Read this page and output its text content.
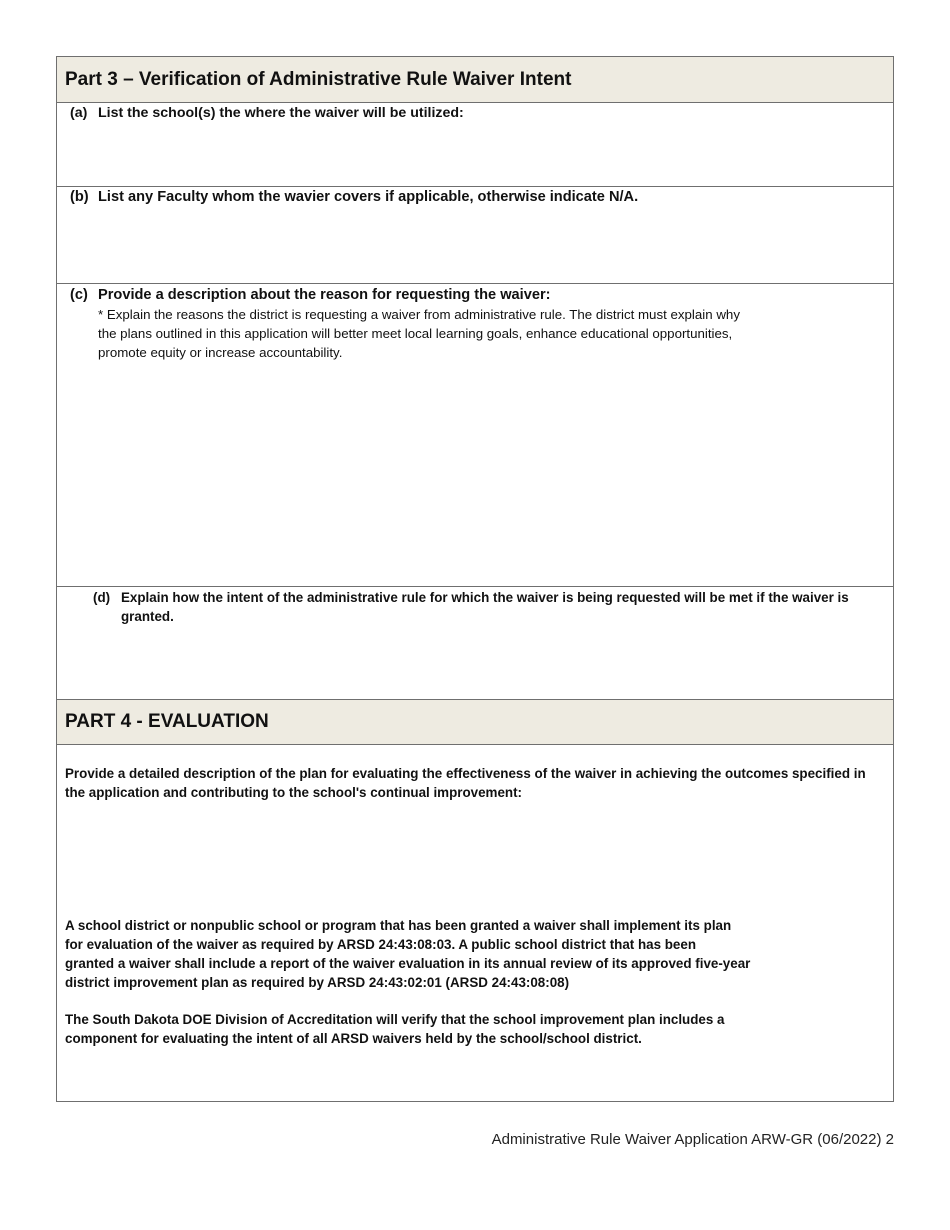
Part 3 – Verification of Administrative Rule Waiver Intent
(a) List the school(s) the where the waiver will be utilized:
(b) List any Faculty whom the wavier covers if applicable, otherwise indicate N/A.
(c) Provide a description about the reason for requesting the waiver:
* Explain the reasons the district is requesting a waiver from administrative rule. The district must explain why
the plans outlined in this application will better meet local learning goals, enhance educational opportunities,
promote equity or increase accountability.
(d) Explain how the intent of the administrative rule for which the waiver is being requested will be met if the waiver is
granted.
PART 4 - EVALUATION
Provide a detailed description of the plan for evaluating the effectiveness of the waiver in achieving the outcomes specified in
the application and contributing to the school's continual improvement:
A school district or nonpublic school or program that has been granted a waiver shall implement its plan
for evaluation of the waiver as required by ARSD 24:43:08:03. A public school district that has been
granted a waiver shall include a report of the waiver evaluation in its annual review of its approved five-year
district improvement plan as required by ARSD 24:43:02:01 (ARSD 24:43:08:08)
The South Dakota DOE Division of Accreditation will verify that the school improvement plan includes a
component for evaluating the intent of all ARSD waivers held by the school/school district.
Administrative Rule Waiver Application ARW-GR (06/2022) 2
